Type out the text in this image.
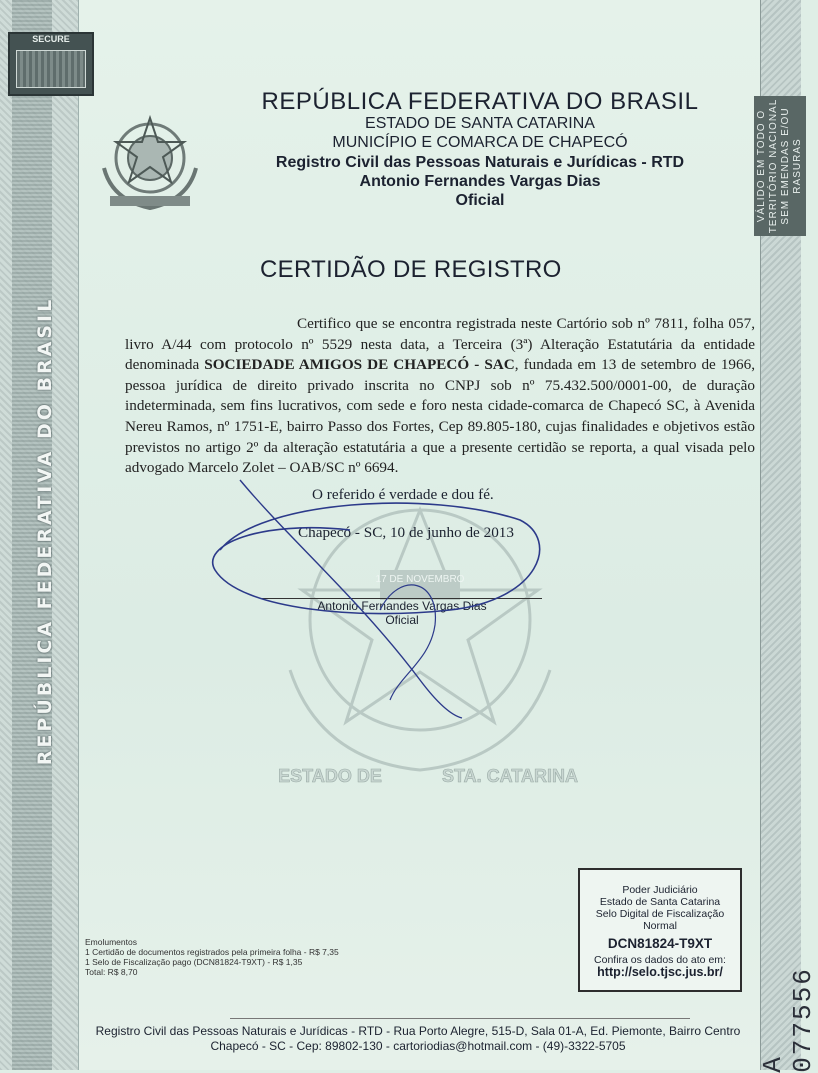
REPÚBLICA FEDERATIVA DO BRASIL
VÁLIDO EM TODO O TERRITÓRIO NACIONAL SEM EMENDAS E/OU RASURAS
A 077556
SECURE
REPÚBLICA FEDERATIVA DO BRASIL
ESTADO DE SANTA CATARINA
MUNICÍPIO E COMARCA DE CHAPECÓ
Registro Civil das Pessoas Naturais e Jurídicas - RTD
Antonio Fernandes Vargas Dias
Oficial
CERTIDÃO DE REGISTRO
Certifico que se encontra registrada neste Cartório sob nº 7811, folha 057, livro A/44 com protocolo nº 5529 nesta data, a Terceira (3ª) Alteração Estatutária da entidade denominada SOCIEDADE AMIGOS DE CHAPECÓ - SAC, fundada em 13 de setembro de 1966, pessoa jurídica de direito privado inscrita no CNPJ sob nº 75.432.500/0001-00, de duração indeterminada, sem fins lucrativos, com sede e foro nesta cidade-comarca de Chapecó SC, à Avenida Nereu Ramos, nº 1751-E, bairro Passo dos Fortes, Cep 89.805-180, cujas finalidades e objetivos estão previstos no artigo 2º da alteração estatutária a que a presente certidão se reporta, a qual visada pelo advogado Marcelo Zolet – OAB/SC nº 6694.
17 DE NOVEMBRO
ESTADO DE	STA. CATARINA
O referido é verdade e dou fé.
Chapecó - SC, 10 de junho de 2013
Antonio Fernandes Vargas Dias
Oficial
Poder Judiciário
Estado de Santa Catarina
Selo Digital de Fiscalização
Normal
DCN81824-T9XT
Confira os dados do ato em:
http://selo.tjsc.jus.br/
Emolumentos
1 Certidão de documentos registrados pela primeira folha - R$ 7,35
1 Selo de Fiscalização pago (DCN81824-T9XT) - R$ 1,35
Total: R$ 8,70
Registro Civil das Pessoas Naturais e Jurídicas - RTD - Rua Porto Alegre, 515-D, Sala 01-A, Ed. Piemonte, Bairro Centro
Chapecó - SC - Cep: 89802-130 - cartoriodias@hotmail.com - (49)-3322-5705
